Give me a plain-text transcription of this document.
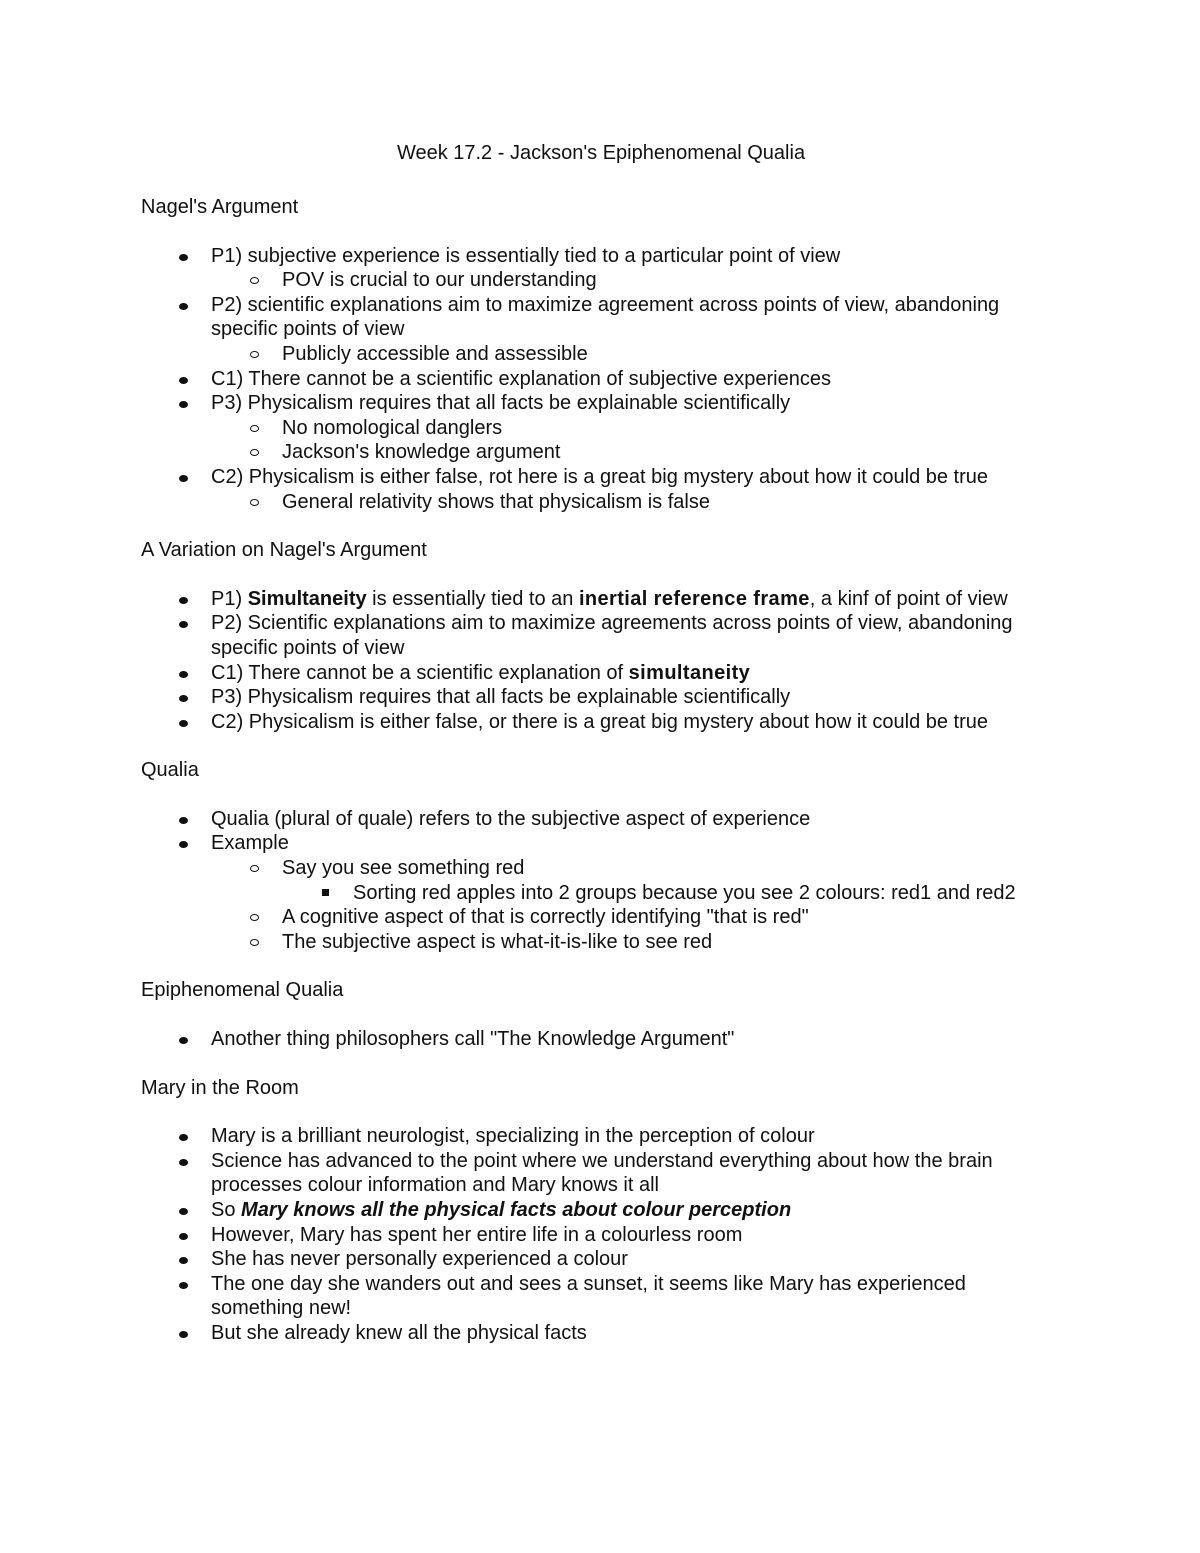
Week 17.2 - Jackson's Epiphenomenal Qualia
Nagel's Argument
P1) subjective experience is essentially tied to a particular point of view
POV is crucial to our understanding
P2) scientific explanations aim to maximize agreement across points of view, abandoning specific points of view
Publicly accessible and assessible
C1) There cannot be a scientific explanation of subjective experiences
P3) Physicalism requires that all facts be explainable scientifically
No nomological danglers
Jackson's knowledge argument
C2) Physicalism is either false, rot here is a great big mystery about how it could be true
General relativity shows that physicalism is false
A Variation on Nagel's Argument
P1) Simultaneity is essentially tied to an inertial reference frame, a kinf of point of view
P2) Scientific explanations aim to maximize agreements across points of view, abandoning specific points of view
C1) There cannot be a scientific explanation of simultaneity
P3) Physicalism requires that all facts be explainable scientifically
C2) Physicalism is either false, or there is a great big mystery about how it could be true
Qualia
Qualia (plural of quale) refers to the subjective aspect of experience
Example
Say you see something red
Sorting red apples into 2 groups because you see 2 colours: red1 and red2
A cognitive aspect of that is correctly identifying "that is red"
The subjective aspect is what-it-is-like to see red
Epiphenomenal Qualia
Another thing philosophers call "The Knowledge Argument"
Mary in the Room
Mary is a brilliant neurologist, specializing in the perception of colour
Science has advanced to the point where we understand everything about how the brain processes colour information and Mary knows it all
So Mary knows all the physical facts about colour perception
However, Mary has spent her entire life in a colourless room
She has never personally experienced a colour
The one day she wanders out and sees a sunset, it seems like Mary has experienced something new!
But she already knew all the physical facts
